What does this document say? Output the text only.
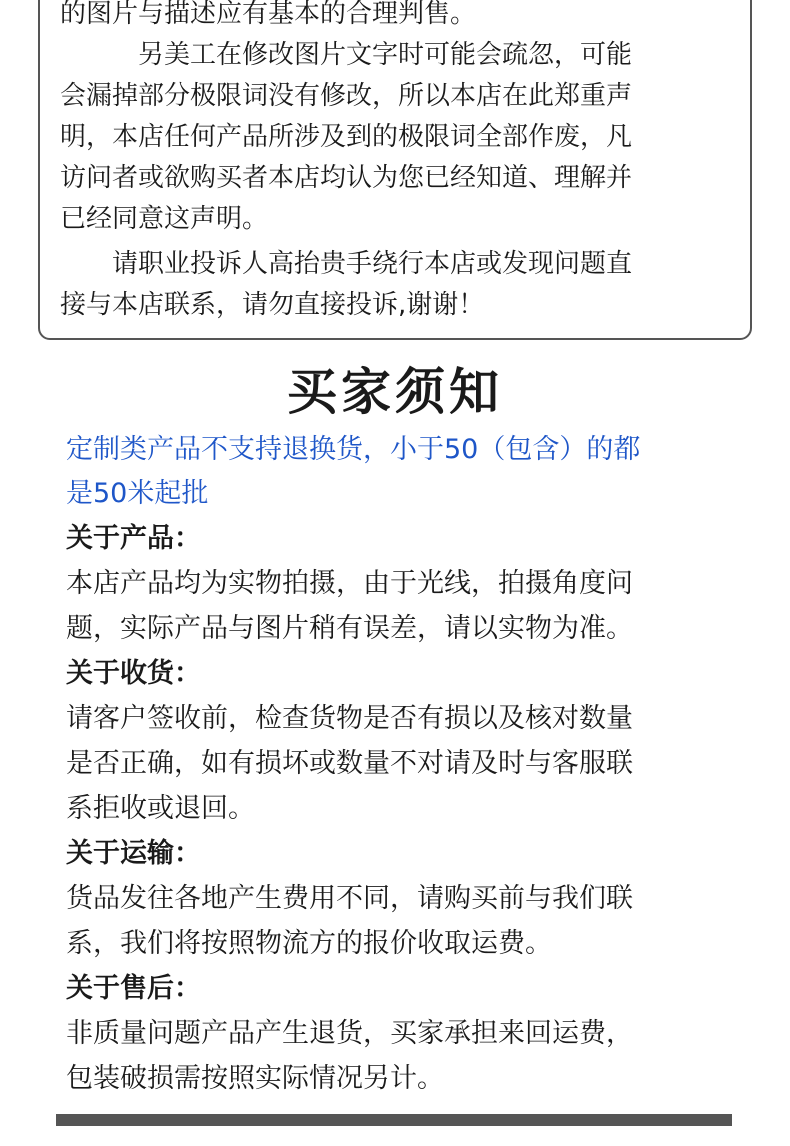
的图片与描述应有基本的合理判售。
　　　另美工在修改图片文字时可能会疏忽，可能
会漏掉部分极限词没有修改，所以本店在此郑重声
明，本店任何产品所涉及到的极限词全部作废，凡
访问者或欲购买者本店均认为您已经知道、理解并
已经同意这声明。
　　请职业投诉人高抬贵手绕行本店或发现问题直
接与本店联系，请勿直接投诉,谢谢！
买家须知
定制类产品不支持退换货，小于50（包含）的都
是50米起批
关于产品：
本店产品均为实物拍摄，由于光线，拍摄角度问
题，实际产品与图片稍有误差，请以实物为准。
关于收货：
请客户签收前，检查货物是否有损以及核对数量
是否正确，如有损坏或数量不对请及时与客服联
系拒收或退回。
关于运输：
货品发往各地产生费用不同，请购买前与我们联
系，我们将按照物流方的报价收取运费。
关于售后：
非质量问题产品产生退货，买家承担来回运费，
包装破损需按照实际情况另计。
